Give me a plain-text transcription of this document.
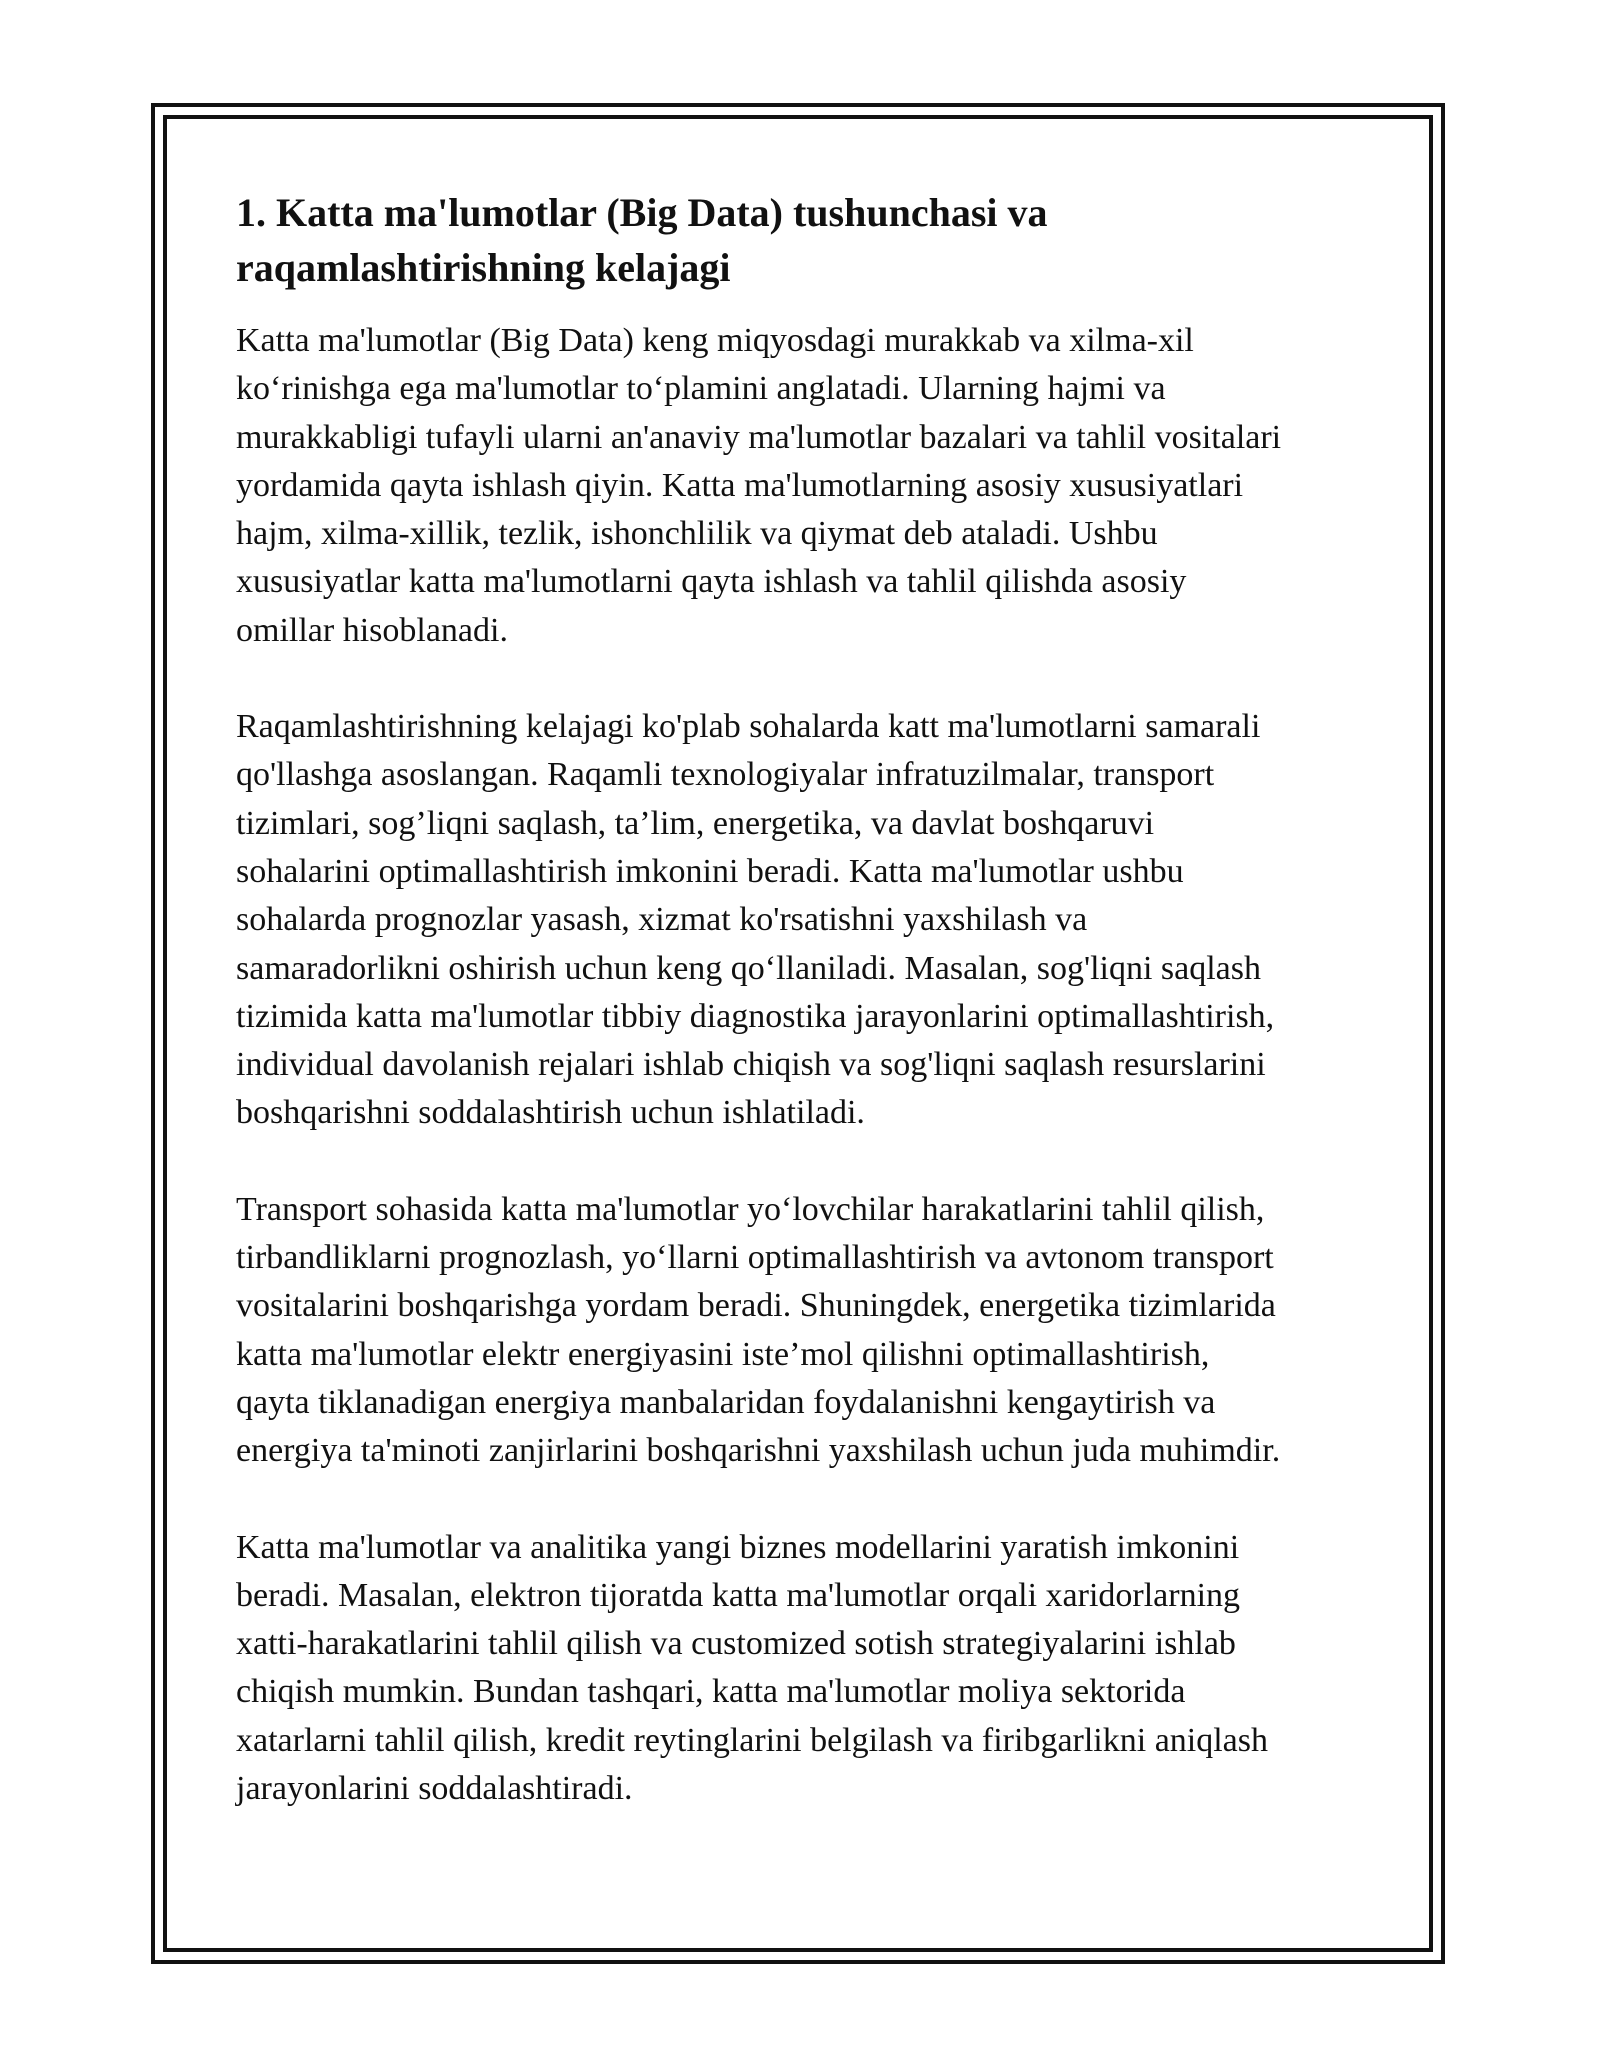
1. Katta ma'lumotlar (Big Data) tushunchasi va
raqamlashtirishning kelajagi

Katta ma'lumotlar (Big Data) keng miqyosdagi murakkab va xilma-xil
ko‘rinishga ega ma'lumotlar to‘plamini anglatadi. Ularning hajmi va
murakkabligi tufayli ularni an'anaviy ma'lumotlar bazalari va tahlil vositalari
yordamida qayta ishlash qiyin. Katta ma'lumotlarning asosiy xususiyatlari
hajm, xilma-xillik, tezlik, ishonchlilik va qiymat deb ataladi. Ushbu
xususiyatlar katta ma'lumotlarni qayta ishlash va tahlil qilishda asosiy
omillar hisoblanadi.

Raqamlashtirishning kelajagi ko'plab sohalarda katt ma'lumotlarni samarali
qo'llashga asoslangan. Raqamli texnologiyalar infratuzilmalar, transport
tizimlari, sog’liqni saqlash, ta’lim, energetika, va davlat boshqaruvi
sohalarini optimallashtirish imkonini beradi. Katta ma'lumotlar ushbu
sohalarda prognozlar yasash, xizmat ko'rsatishni yaxshilash va
samaradorlikni oshirish uchun keng qo‘llaniladi. Masalan, sog'liqni saqlash
tizimida katta ma'lumotlar tibbiy diagnostika jarayonlarini optimallashtirish,
individual davolanish rejalari ishlab chiqish va sog'liqni saqlash resurslarini
boshqarishni soddalashtirish uchun ishlatiladi.

Transport sohasida katta ma'lumotlar yo‘lovchilar harakatlarini tahlil qilish,
tirbandliklarni prognozlash, yo‘llarni optimallashtirish va avtonom transport
vositalarini boshqarishga yordam beradi. Shuningdek, energetika tizimlarida
katta ma'lumotlar elektr energiyasini iste’mol qilishni optimallashtirish,
qayta tiklanadigan energiya manbalaridan foydalanishni kengaytirish va
energiya ta'minoti zanjirlarini boshqarishni yaxshilash uchun juda muhimdir.

Katta ma'lumotlar va analitika yangi biznes modellarini yaratish imkonini
beradi. Masalan, elektron tijoratda katta ma'lumotlar orqali xaridorlarning
xatti-harakatlarini tahlil qilish va customized sotish strategiyalarini ishlab
chiqish mumkin. Bundan tashqari, katta ma'lumotlar moliya sektorida
xatarlarni tahlil qilish, kredit reytinglarini belgilash va firibgarlikni aniqlash
jarayonlarini soddalashtiradi.
